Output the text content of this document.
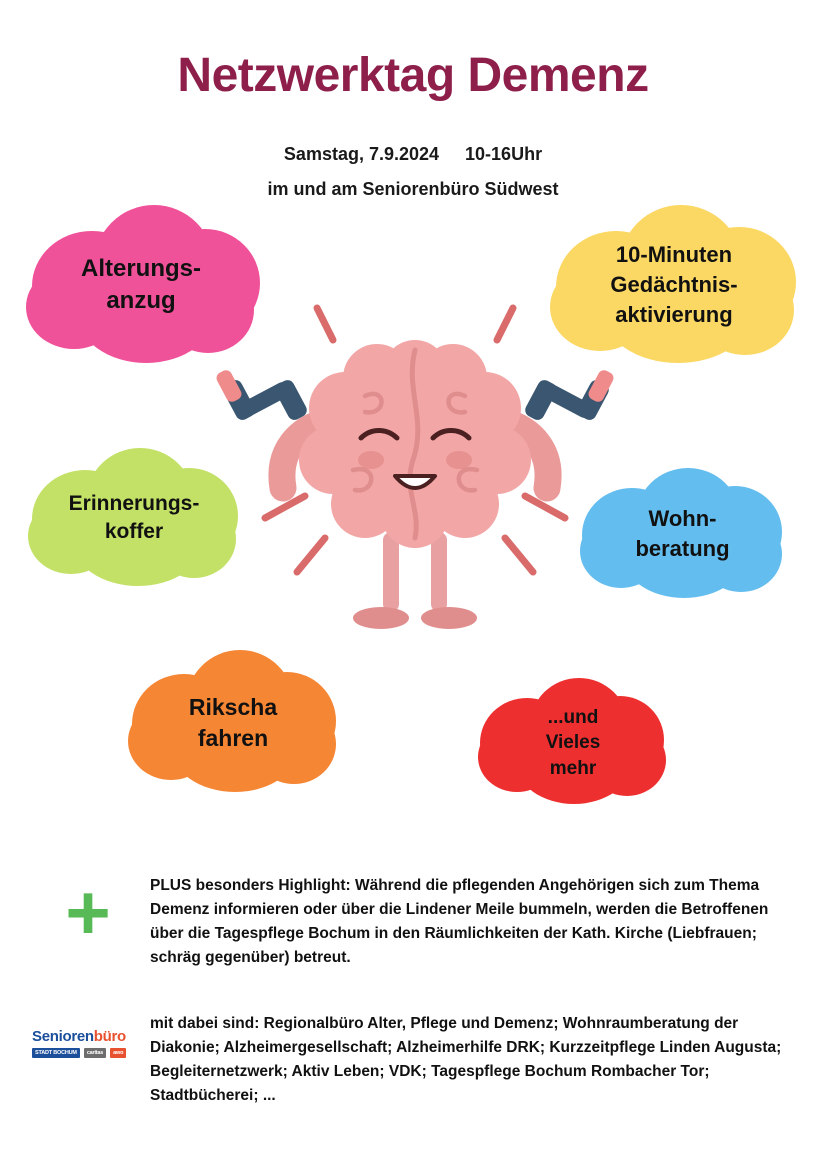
Netzwerktag Demenz
Samstag, 7.9.2024 10-16Uhr
im und am Seniorenbüro Südwest
Alterungs-
anzug
10-Minuten
Gedächtnis-
aktivierung
Erinnerungs-
koffer
Wohn-
beratung
Rikscha
fahren
...und
Vieles
mehr
+	PLUS besonders Highlight: Während die pflegenden Angehörigen sich zum Thema Demenz informieren oder über die Lindener Meile bummeln, werden die Betroffenen über die Tagespflege Bochum in den Räumlichkeiten der Kath. Kirche (Liebfrauen; schräg gegenüber) betreut.
mit dabei sind: Regionalbüro Alter, Pflege und Demenz; Wohnraumberatung der Diakonie; Alzheimergesellschaft; Alzheimerhilfe DRK; Kurzzeitpflege Linden Augusta; Begleiternetzwerk; Aktiv Leben; VDK; Tagespflege Bochum Rombacher Tor; Stadtbücherei; ...
Seniorenbüro
STADT BOCHUM	caritas	awo
